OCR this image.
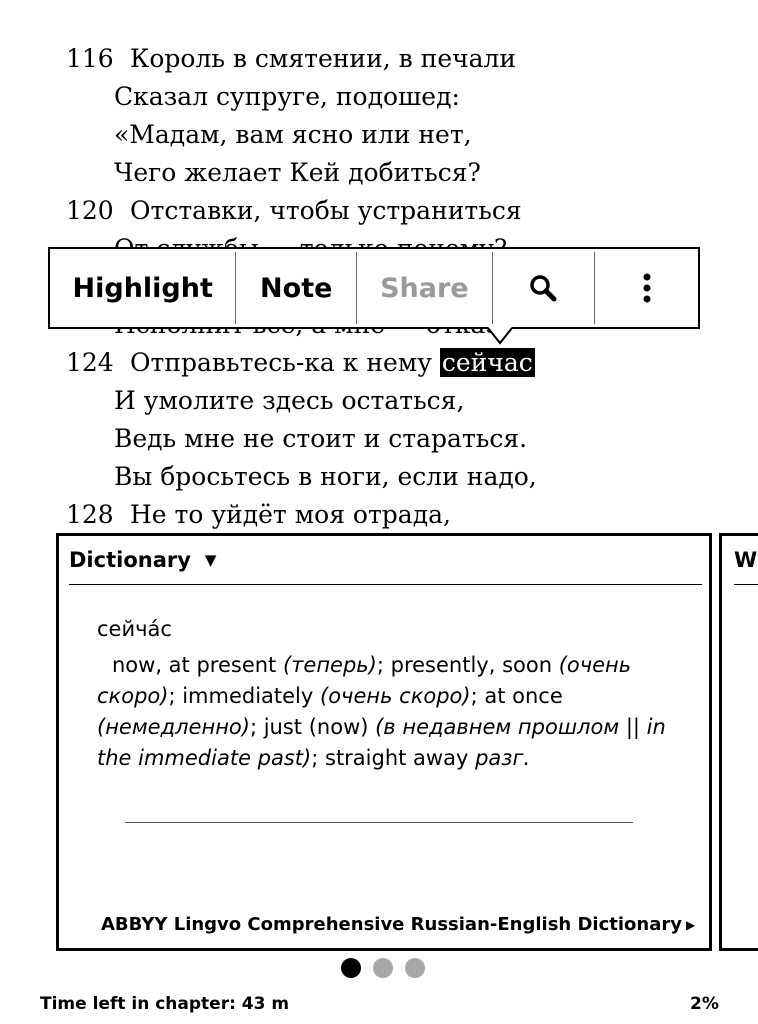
116 Король в смятении, в печали
Сказал супруге, подошед:
«Мадам, вам ясно или нет,
Чего желает Кей добиться?
120 Отставки, чтобы устраниться
124 Отправьтесь-ка к нему сейчас
И умолите здесь остаться,
Ведь мне не стоит и стараться.
Вы бросьтесь в ноги, если надо,
128 Не то уйдёт моя отрада,
Highlight Note Share
Dictionary ▼
сейча́с
now, at present (теперь); presently, soon (очень скоро); immediately (очень скоро); at once (немедленно); just (now) (в недавнем прошлом || in the immediate past); straight away разг.
ABBYY Lingvo Comprehensive Russian-English Dictionary ▶
W
Time left in chapter: 43 m	2%
